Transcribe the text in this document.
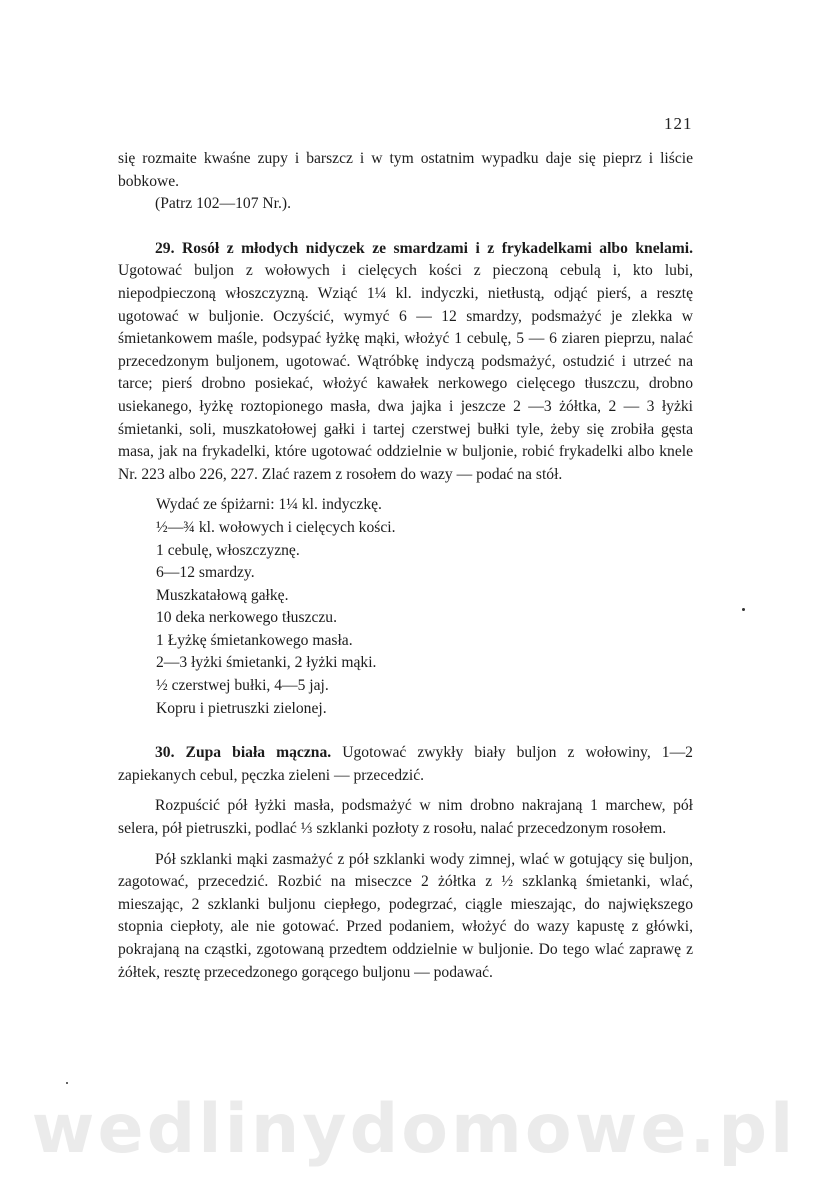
121

się rozmaite kwaśne zupy i barszcz i w tym ostatnim wypadku daje się pieprz i liście bobkowe.

(Patrz 102—107 Nr.).

29. Rosół z młodych nidyczek ze smardzami i z frykadelkami albo knelami. Ugotować buljon z wołowych i cielęcych kości z pieczoną cebulą i, kto lubi, niepodpieczoną włoszczyzną. Wziąć 1¼ kl. indyczki, nietłustą, odjąć pierś, a resztę ugotować w buljonie. Oczyścić, wymyć 6 — 12 smardzy, podsmażyć je zlekka w śmietankowem maśle, podsypać łyżkę mąki, włożyć 1 cebulę, 5 — 6 ziaren pieprzu, nalać przecedzonym buljonem, ugotować. Wątróbkę indyczą podsmażyć, ostudzić i utrzeć na tarce; pierś drobno posiekać, włożyć kawałek nerkowego cielęcego tłuszczu, drobno usiekanego, łyżkę roztopionego masła, dwa jajka i jeszcze 2 —3 żółtka, 2 — 3 łyżki śmietanki, soli, muszkatołowej gałki i tartej czerstwej bułki tyle, żeby się zrobiła gęsta masa, jak na frykadelki, które ugotować oddzielnie w buljonie, robić frykadelki albo knele Nr. 223 albo 226, 227. Zlać razem z rosołem do wazy — podać na stół.

Wydać ze śpiżarni: 1¼ kl. indyczkę.
½—¾ kl. wołowych i cielęcych kości.
1 cebulę, włoszczyznę.
6—12 smardzy.
Muszkatałową gałkę.
10 deka nerkowego tłuszczu.
1 Łyżkę śmietankowego masła.
2—3 łyżki śmietanki, 2 łyżki mąki.
½ czerstwej bułki, 4—5 jaj.
Kopru i pietruszki zielonej.

30. Zupa biała mączna. Ugotować zwykły biały buljon z wołowiny, 1—2 zapiekanych cebul, pęczka zieleni — przecedzić.

Rozpuścić pół łyżki masła, podsmażyć w nim drobno nakrajaną 1 marchew, pół selera, pół pietruszki, podlać ⅓ szklanki pozłoty z rosołu, nalać przecedzonym rosołem.

Pół szklanki mąki zasmażyć z pół szklanki wody zimnej, wlać w gotujący się buljon, zagotować, przecedzić. Rozbić na miseczce 2 żółtka z ½ szklanką śmietanki, wlać, mieszając, 2 szklanki buljonu ciepłego, podegrzać, ciągle mieszając, do największego stopnia ciepłoty, ale nie gotować. Przed podaniem, włożyć do wazy kapustę z główki, pokrajaną na cząstki, zgotowaną przedtem oddzielnie w buljonie. Do tego wlać zaprawę z żółtek, resztę przecedzonego gorącego buljonu — podawać.

wedlinydomowe.pl
